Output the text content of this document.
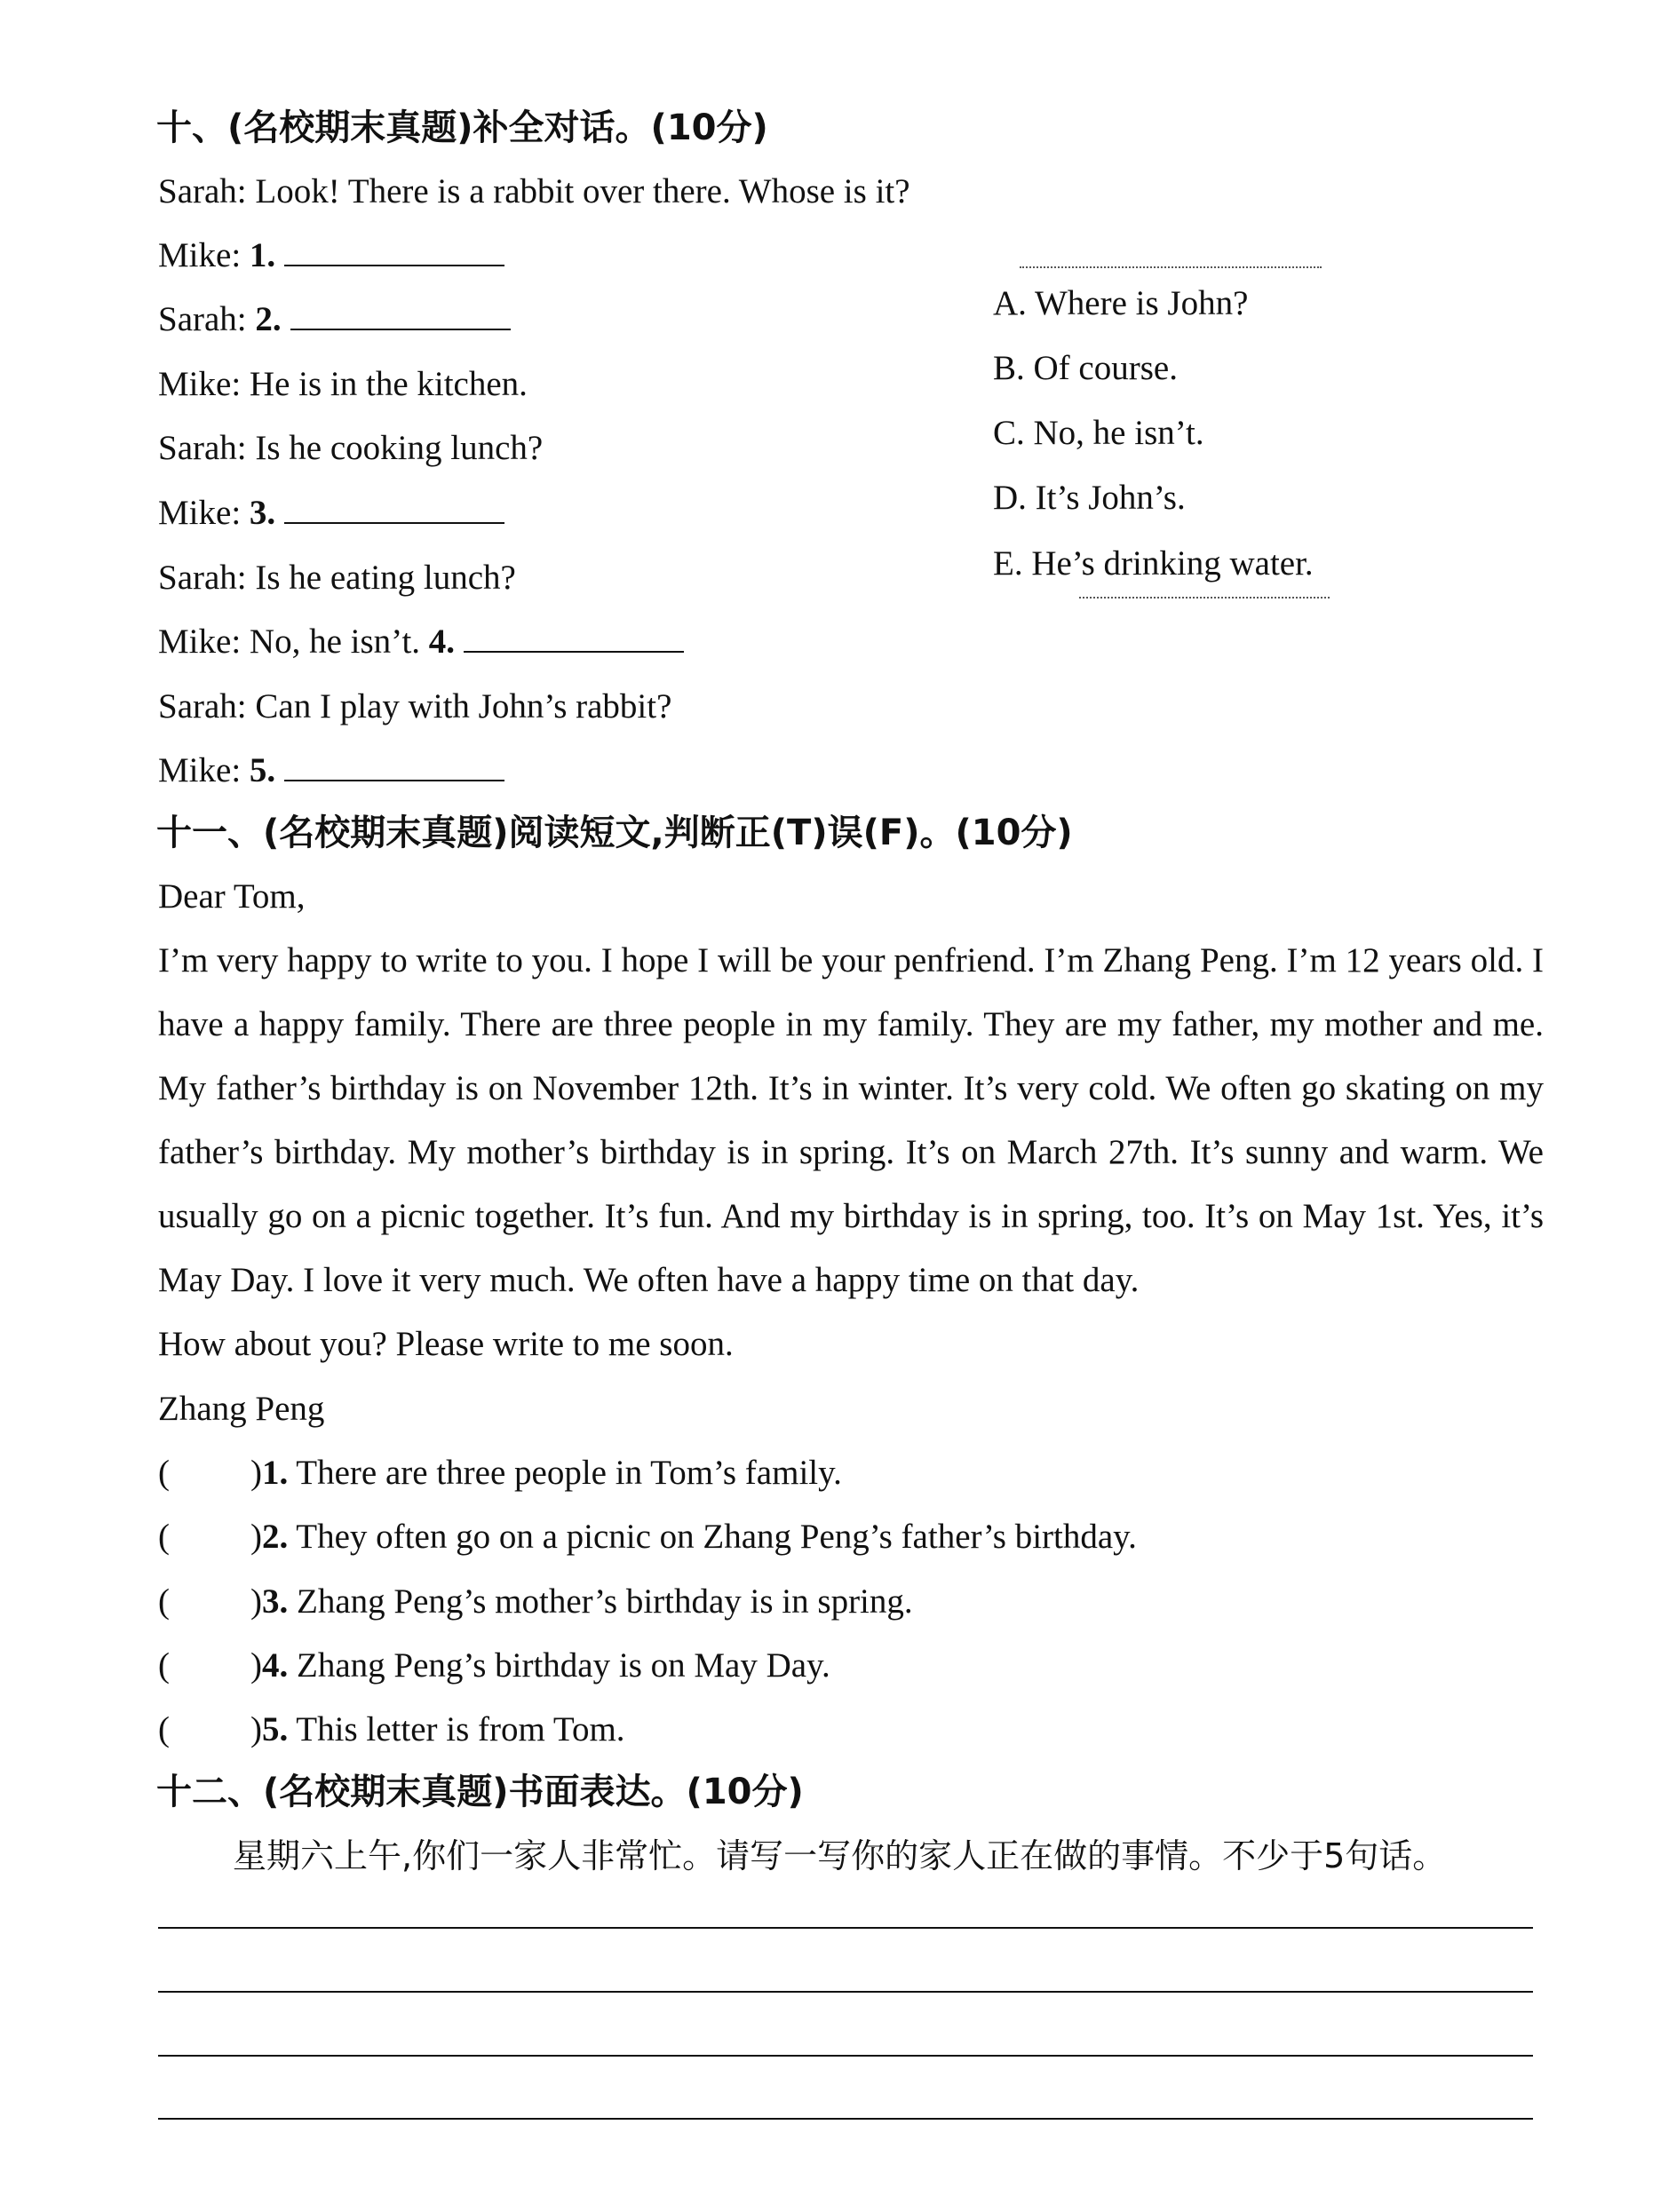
十、(名校期末真题)补全对话。(10分)
Sarah: Look! There is a rabbit over there. Whose is it?
Mike: 1.
Sarah: 2.
Mike: He is in the kitchen.
Sarah: Is he cooking lunch?
Mike: 3.
Sarah: Is he eating lunch?
Mike: No, he isn’t. 4.
Sarah: Can I play with John’s rabbit?
Mike: 5.
A. Where is John?
B. Of course.
C. No, he isn’t.
D. It’s John’s.
E. He’s drinking water.
十一、(名校期末真题)阅读短文,判断正(T)误(F)。(10分)
Dear Tom,
I’m very happy to write to you. I hope I will be your penfriend. I’m Zhang Peng. I’m 12 years old. I have a happy family. There are three people in my family. They are my father, my mother and me. My father’s birthday is on November 12th. It’s in winter. It’s very cold. We often go skating on my father’s birthday. My mother’s birthday is in spring. It’s on March 27th. It’s sunny and warm. We usually go on a picnic together. It’s fun. And my birthday is in spring, too. It’s on May 1st. Yes, it’s May Day. I love it very much. We often have a happy time on that day.
How about you? Please write to me soon.
Zhang Peng
( )1. There are three people in Tom’s family.
( )2. They often go on a picnic on Zhang Peng’s father’s birthday.
( )3. Zhang Peng’s mother’s birthday is in spring.
( )4. Zhang Peng’s birthday is on May Day.
( )5. This letter is from Tom.
十二、(名校期末真题)书面表达。(10分)
星期六上午,你们一家人非常忙。请写一写你的家人正在做的事情。不少于5句话。
